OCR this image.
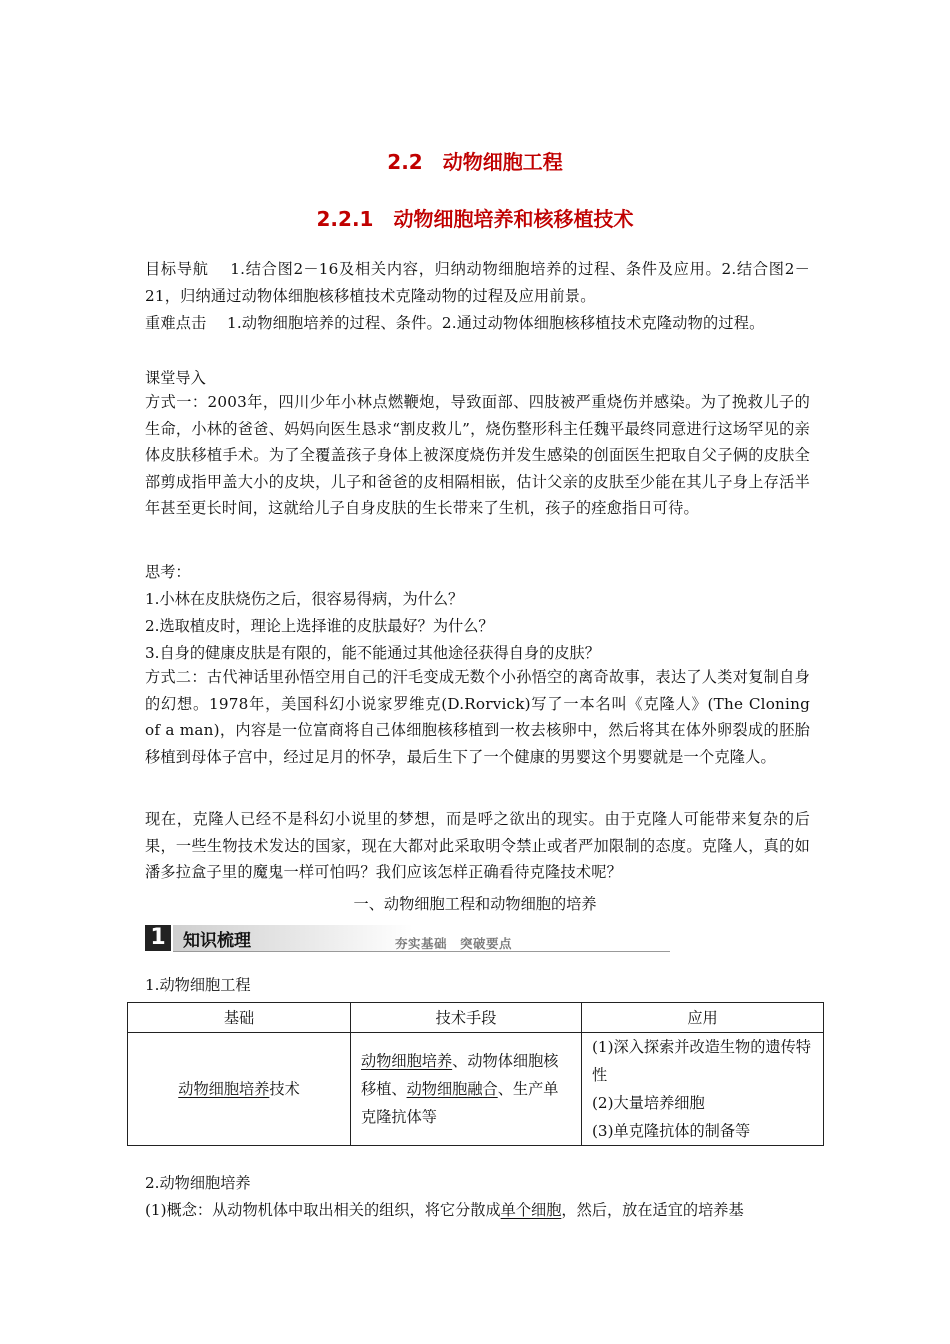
2.2　动物细胞工程
2.2.1　动物细胞培养和核移植技术
目标导航　 1.结合图2－16及相关内容，归纳动物细胞培养的过程、条件及应用。2.结合图2－21，归纳通过动物体细胞核移植技术克隆动物的过程及应用前景。
重难点击　 1.动物细胞培养的过程、条件。2.通过动物体细胞核移植技术克隆动物的过程。
课堂导入
方式一：2003年，四川少年小林点燃鞭炮，导致面部、四肢被严重烧伤并感染。为了挽救儿子的生命，小林的爸爸、妈妈向医生恳求“割皮救儿”，烧伤整形科主任魏平最终同意进行这场罕见的亲体皮肤移植手术。为了全覆盖孩子身体上被深度烧伤并发生感染的创面医生把取自父子俩的皮肤全部剪成指甲盖大小的皮块，儿子和爸爸的皮相隔相嵌，估计父亲的皮肤至少能在其儿子身上存活半年甚至更长时间，这就给儿子自身皮肤的生长带来了生机，孩子的痊愈指日可待。
思考：
1.小林在皮肤烧伤之后，很容易得病，为什么？
2.选取植皮时，理论上选择谁的皮肤最好？为什么？
3.自身的健康皮肤是有限的，能不能通过其他途径获得自身的皮肤？
方式二：古代神话里孙悟空用自己的汗毛变成无数个小孙悟空的离奇故事，表达了人类对复制自身的幻想。1978年，美国科幻小说家罗维克(D.Rorvick)写了一本名叫《克隆人》(The Cloning of a man)，内容是一位富商将自己体细胞核移植到一枚去核卵中，然后将其在体外卵裂成的胚胎移植到母体子宫中，经过足月的怀孕，最后生下了一个健康的男婴这个男婴就是一个克隆人。
现在，克隆人已经不是科幻小说里的梦想，而是呼之欲出的现实。由于克隆人可能带来复杂的后果，一些生物技术发达的国家，现在大都对此采取明令禁止或者严加限制的态度。克隆人，真的如潘多拉盒子里的魔鬼一样可怕吗？我们应该怎样正确看待克隆技术呢？
一、动物细胞工程和动物细胞的培养
1	知识梳理	夯实基础　突破要点
1.动物细胞工程
基础	技术手段	应用
动物细胞培养技术	动物细胞培养、动物体细胞核移植、动物细胞融合、生产单克隆抗体等	(1)深入探索并改造生物的遗传特性
(2)大量培养细胞
(3)单克隆抗体的制备等
2.动物细胞培养
(1)概念：从动物机体中取出相关的组织，将它分散成单个细胞，然后，放在适宜的培养基
